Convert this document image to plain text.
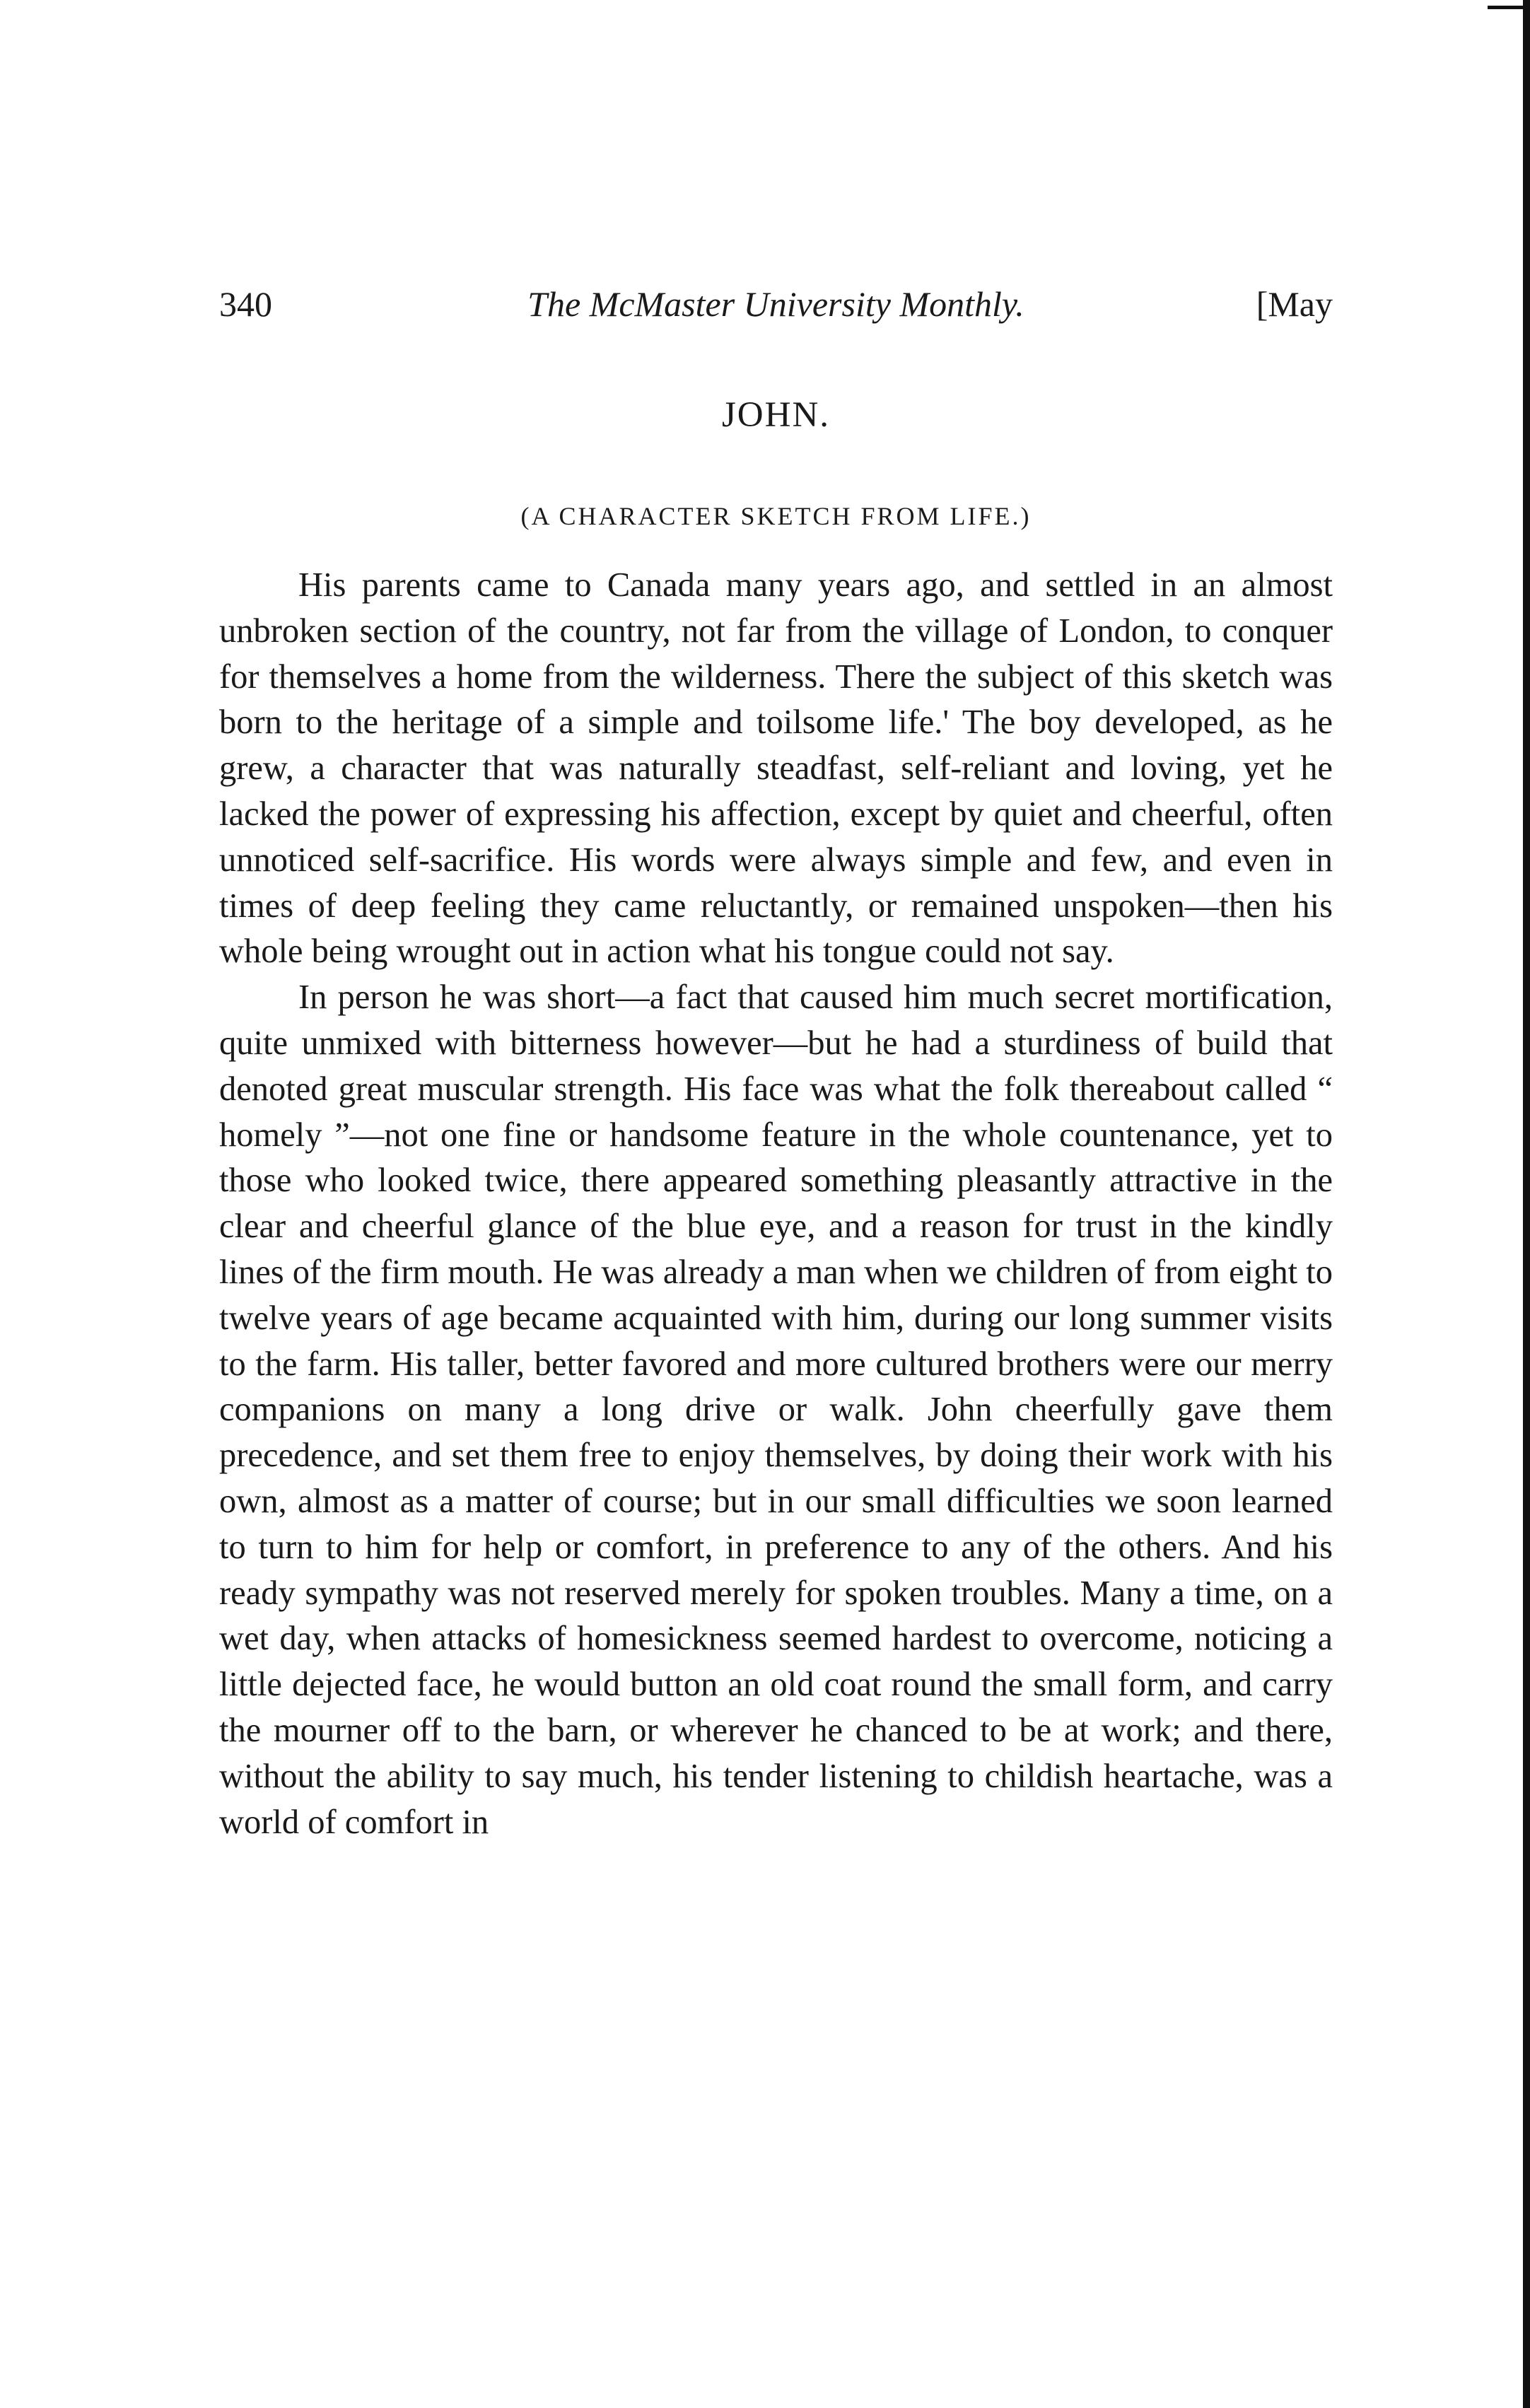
The McMaster University Monthly.
340	[May
JOHN.
(A CHARACTER SKETCH FROM LIFE.)

His parents came to Canada many years ago, and settled in an almost unbroken section of the country, not far from the village of London, to conquer for themselves a home from the wilderness. There the subject of this sketch was born to the heritage of a simple and toilsome life.' The boy developed, as he grew, a character that was naturally steadfast, self-reliant and loving, yet he lacked the power of expressing his affection, except by quiet and cheerful, often unnoticed self-sacrifice. His words were always simple and few, and even in times of deep feeling they came reluctantly, or remained unspoken—then his whole being wrought out in action what his tongue could not say.

In person he was short—a fact that caused him much secret mortification, quite unmixed with bitterness however—but he had a sturdiness of build that denoted great muscular strength. His face was what the folk thereabout called “ homely ”—not one fine or handsome feature in the whole countenance, yet to those who looked twice, there appeared something pleasantly attractive in the clear and cheerful glance of the blue eye, and a reason for trust in the kindly lines of the firm mouth. He was already a man when we children of from eight to twelve years of age became acquainted with him, during our long summer visits to the farm. His taller, better favored and more cultured brothers were our merry companions on many a long drive or walk. John cheerfully gave them precedence, and set them free to enjoy themselves, by doing their work with his own, almost as a matter of course; but in our small difficulties we soon learned to turn to him for help or comfort, in preference to any of the others. And his ready sympathy was not reserved merely for spoken troubles. Many a time, on a wet day, when attacks of homesickness seemed hardest to overcome, noticing a little dejected face, he would button an old coat round the small form, and carry the mourner off to the barn, or wherever he chanced to be at work; and there, without the ability to say much, his tender listening to childish heartache, was a world of comfort in
